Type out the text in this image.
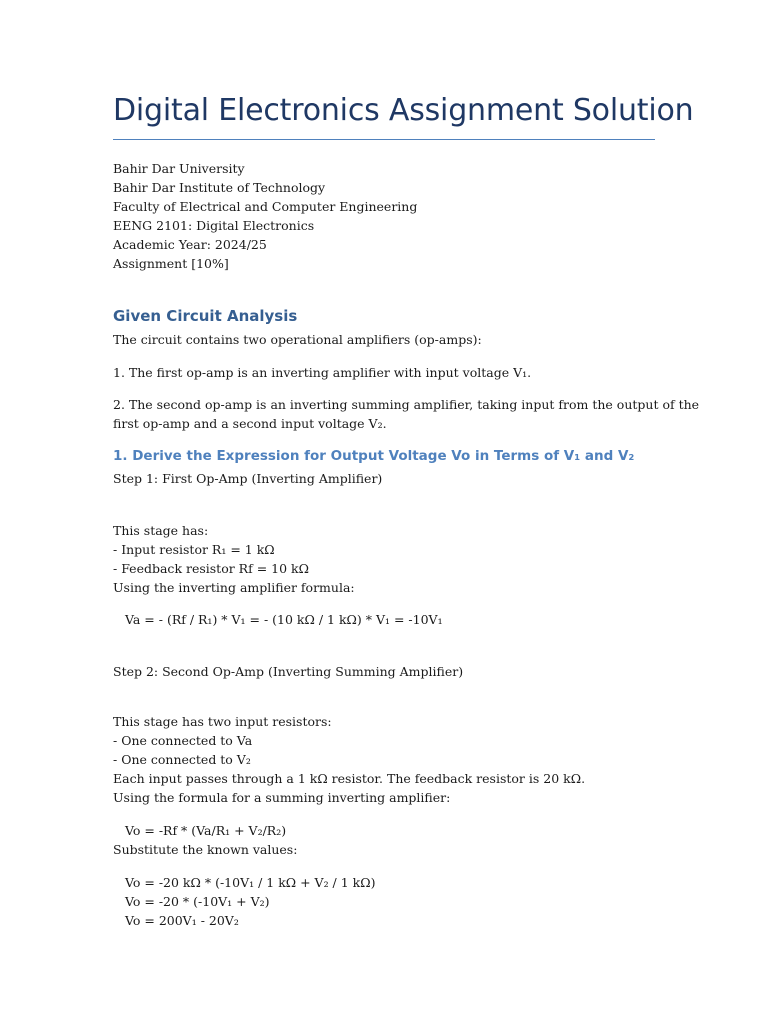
Digital Electronics Assignment Solution
Bahir Dar University
Bahir Dar Institute of Technology
Faculty of Electrical and Computer Engineering
EENG 2101: Digital Electronics
Academic Year: 2024/25
Assignment [10%]
Given Circuit Analysis
The circuit contains two operational amplifiers (op-amps):
1. The first op-amp is an inverting amplifier with input voltage V₁.
2. The second op-amp is an inverting summing amplifier, taking input from the output of the
first op-amp and a second input voltage V₂.
1. Derive the Expression for Output Voltage Vo in Terms of V₁ and V₂
Step 1: First Op-Amp (Inverting Amplifier)
This stage has:
- Input resistor R₁ = 1 kΩ
- Feedback resistor Rf = 10 kΩ
Using the inverting amplifier formula:
Va = - (Rf / R₁) * V₁ = - (10 kΩ / 1 kΩ) * V₁ = -10V₁
Step 2: Second Op-Amp (Inverting Summing Amplifier)
This stage has two input resistors:
- One connected to Va
- One connected to V₂
Each input passes through a 1 kΩ resistor. The feedback resistor is 20 kΩ.
Using the formula for a summing inverting amplifier:
Vo = -Rf * (Va/R₁ + V₂/R₂)
Substitute the known values:
Vo = -20 kΩ * (-10V₁ / 1 kΩ + V₂ / 1 kΩ)
Vo = -20 * (-10V₁ + V₂)
Vo = 200V₁ - 20V₂
